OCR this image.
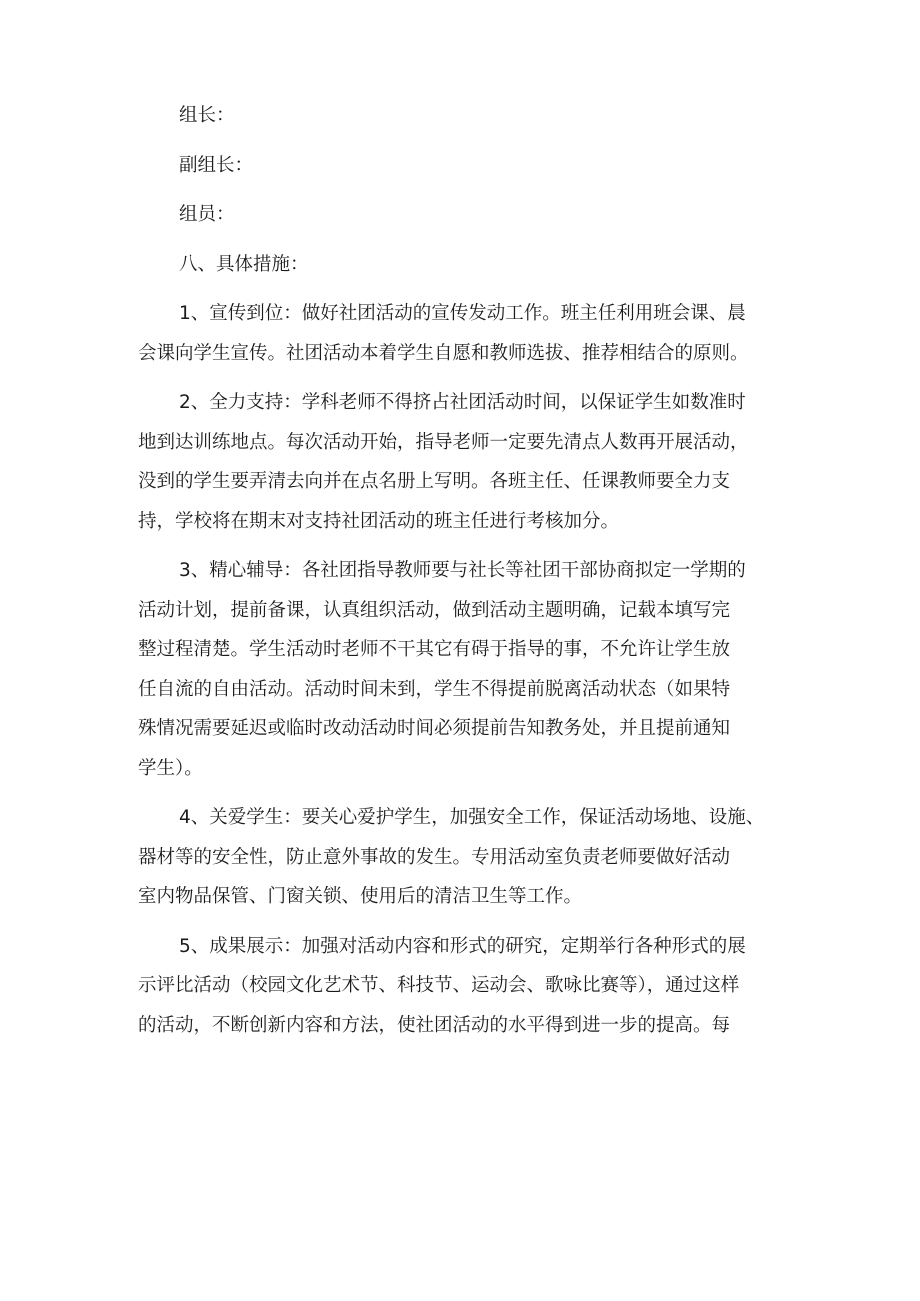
组长：

副组长：

组员：

八、具体措施：

1、宣传到位：做好社团活动的宣传发动工作。班主任利用班会课、晨

会课向学生宣传。社团活动本着学生自愿和教师选拔、推荐相结合的原则。

2、全力支持：学科老师不得挤占社团活动时间，以保证学生如数准时

地到达训练地点。每次活动开始，指导老师一定要先清点人数再开展活动，

没到的学生要弄清去向并在点名册上写明。各班主任、任课教师要全力支

持，学校将在期末对支持社团活动的班主任进行考核加分。

3、精心辅导：各社团指导教师要与社长等社团干部协商拟定一学期的

活动计划，提前备课，认真组织活动，做到活动主题明确，记载本填写完

整过程清楚。学生活动时老师不干其它有碍于指导的事，不允许让学生放

任自流的自由活动。活动时间未到，学生不得提前脱离活动状态（如果特

殊情况需要延迟或临时改动活动时间必须提前告知教务处，并且提前通知

学生）。

4、关爱学生：要关心爱护学生，加强安全工作，保证活动场地、设施、

器材等的安全性，防止意外事故的发生。专用活动室负责老师要做好活动

室内物品保管、门窗关锁、使用后的清洁卫生等工作。

5、成果展示：加强对活动内容和形式的研究，定期举行各种形式的展

示评比活动（校园文化艺术节、科技节、运动会、歌咏比赛等），通过这样

的活动，不断创新内容和方法，使社团活动的水平得到进一步的提高。每
